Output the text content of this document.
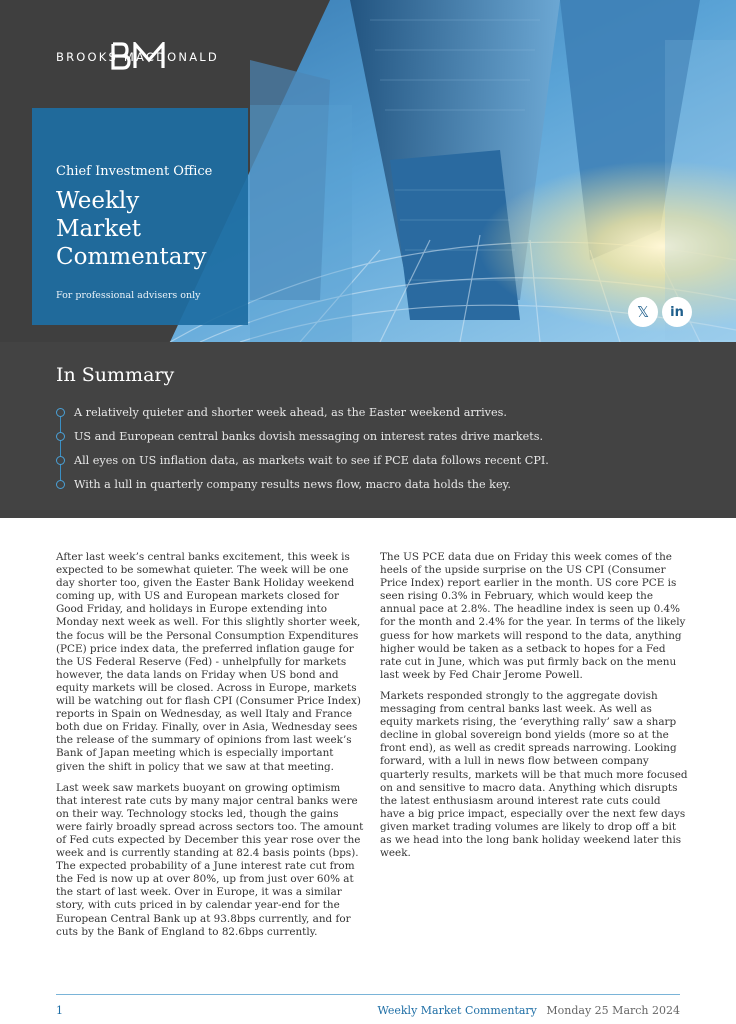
BROOKS MACDONALD

Chief Investment Office

Weekly
Market
Commentary
For professional advisers only
𝕏	in
In Summary
A relatively quieter and shorter week ahead, as the Easter weekend arrives.
US and European central banks dovish messaging on interest rates drive markets.
All eyes on US inflation data, as markets wait to see if PCE data follows recent CPI.
With a lull in quarterly company results news flow, macro data holds the key.

After last week’s central banks excitement, this week is expected to be somewhat quieter. The week will be one day shorter too, given the Easter Bank Holiday weekend coming up, with US and European markets closed for Good Friday, and holidays in Europe extending into Monday next week as well. For this slightly shorter week, the focus will be the Personal Consumption Expenditures (PCE) price index data, the preferred inflation gauge for the US Federal Reserve (Fed) - unhelpfully for markets however, the data lands on Friday when US bond and equity markets will be closed. Across in Europe, markets will be watching out for flash CPI (Consumer Price Index) reports in Spain on Wednesday, as well Italy and France both due on Friday. Finally, over in Asia, Wednesday sees the release of the summary of opinions from last week’s Bank of Japan meeting which is especially important given the shift in policy that we saw at that meeting.

Last week saw markets buoyant on growing optimism that interest rate cuts by many major central banks were on their way. Technology stocks led, though the gains were fairly broadly spread across sectors too. The amount of Fed cuts expected by December this year rose over the week and is currently standing at 82.4 basis points (bps). The expected probability of a June interest rate cut from the Fed is now up at over 80%, up from just over 60% at the start of last week. Over in Europe, it was a similar story, with cuts priced in by calendar year-end for the European Central Bank up at 93.8bps currently, and for cuts by the Bank of England to 82.6bps currently.

The US PCE data due on Friday this week comes of the heels of the upside surprise on the US CPI (Consumer Price Index) report earlier in the month. US core PCE is seen rising 0.3% in February, which would keep the annual pace at 2.8%. The headline index is seen up 0.4% for the month and 2.4% for the year. In terms of the likely guess for how markets will respond to the data, anything higher would be taken as a setback to hopes for a Fed rate cut in June, which was put firmly back on the menu last week by Fed Chair Jerome Powell.

Markets responded strongly to the aggregate dovish messaging from central banks last week. As well as equity markets rising, the ‘everything rally’ saw a sharp decline in global sovereign bond yields (more so at the front end), as well as credit spreads narrowing. Looking forward, with a lull in news flow between company quarterly results, markets will be that much more focused on and sensitive to macro data. Anything which disrupts the latest enthusiasm around interest rate cuts could have a big price impact, especially over the next few days given market trading volumes are likely to drop off a bit as we head into the long bank holiday weekend later this week.

1	Weekly Market Commentary Monday 25 March 2024
